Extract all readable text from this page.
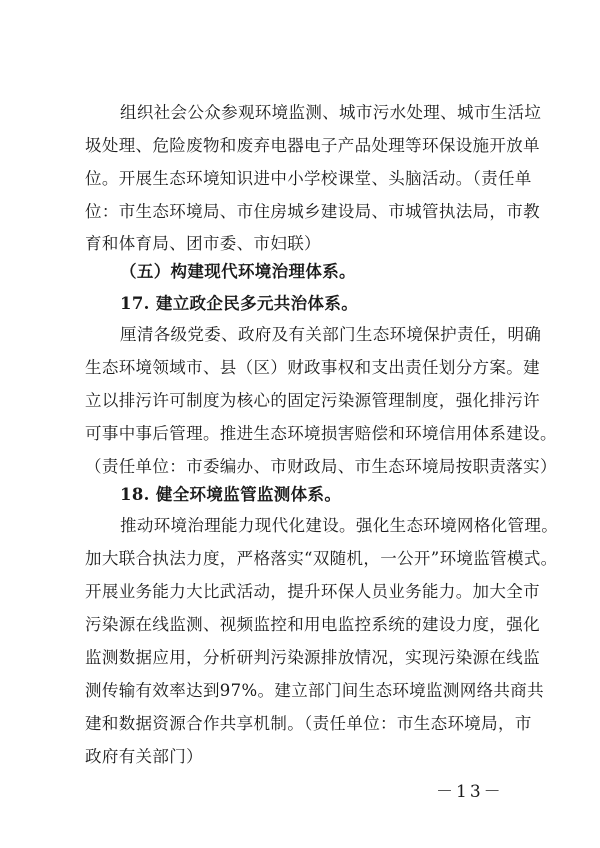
组织社会公众参观环境监测、城市污水处理、城市生活垃
圾处理、危险废物和废弃电器电子产品处理等环保设施开放单
位。开展生态环境知识进中小学校课堂、头脑活动。（责任单
位：市生态环境局、市住房城乡建设局、市城管执法局，市教
育和体育局、团市委、市妇联）
（五）构建现代环境治理体系。
17. 建立政企民多元共治体系。
厘清各级党委、政府及有关部门生态环境保护责任，明确
生态环境领域市、县（区）财政事权和支出责任划分方案。建
立以排污许可制度为核心的固定污染源管理制度，强化排污许
可事中事后管理。推进生态环境损害赔偿和环境信用体系建设。
（责任单位：市委编办、市财政局、市生态环境局按职责落实）
18. 健全环境监管监测体系。
推动环境治理能力现代化建设。强化生态环境网格化管理。
加大联合执法力度，严格落实“双随机，一公开”环境监管模式。
开展业务能力大比武活动，提升环保人员业务能力。加大全市
污染源在线监测、视频监控和用电监控系统的建设力度，强化
监测数据应用，分析研判污染源排放情况，实现污染源在线监
测传输有效率达到97%。建立部门间生态环境监测网络共商共
建和数据资源合作共享机制。（责任单位：市生态环境局，市
政府有关部门）
－13－
